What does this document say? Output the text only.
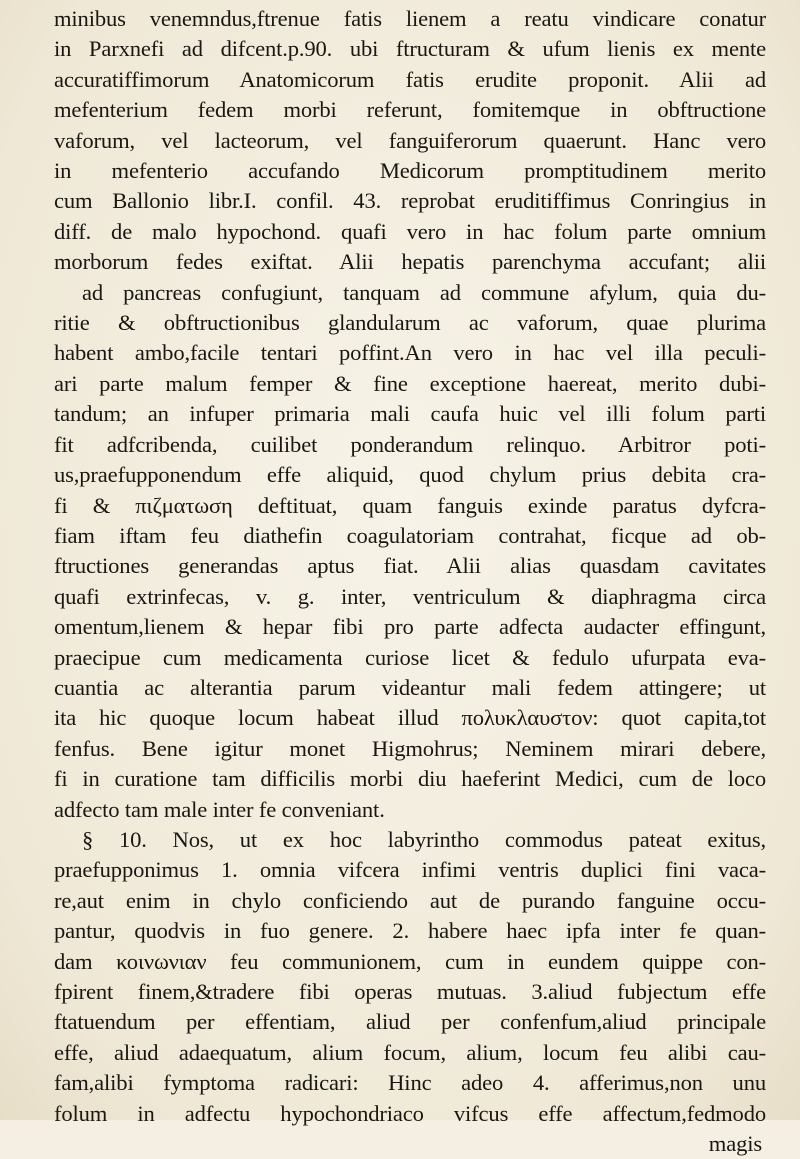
minibus venemndus,ftrenue fatis lienem a reatu vindicare conatur
in Parxnefi ad difcent.p.90. ubi ftructuram & ufum lienis ex mente
accuratiffimorum Anatomicorum fatis erudite proponit. Alii ad
mefenterium fedem morbi referunt, fomitemque in obftructione
vaforum, vel lacteorum, vel fanguiferorum quaerunt. Hanc vero
in mefenterio accufando Medicorum promptitudinem merito
cum Ballonio libr.I. confil. 43. reprobat eruditiffimus Conringius in
diff. de malo hypochond. quafi vero in hac folum parte omnium
morborum fedes exiftat. Alii hepatis parenchyma accufant; alii
ad pancreas confugiunt, tanquam ad commune afylum, quia du-
ritie & obftructionibus glandularum ac vaforum, quae plurima
habent ambo,facile tentari poffint.An vero in hac vel illa peculi-
ari parte malum femper & fine exceptione haereat, merito dubi-
tandum; an infuper primaria mali caufa huic vel illi folum parti
fit adfcribenda, cuilibet ponderandum relinquo. Arbitror poti-
us,praefupponendum effe aliquid, quod chylum prius debita cra-
fi & πιζματωση deftituat, quam fanguis exinde paratus dyfcra-
fiam iftam feu diathefin coagulatoriam contrahat, ficque ad ob-
ftructiones generandas aptus fiat. Alii alias quasdam cavitates
quafi extrinfecas, v. g. inter, ventriculum & diaphragma circa
omentum,lienem & hepar fibi pro parte adfecta audacter effingunt,
praecipue cum medicamenta curiose licet & fedulo ufurpata eva-
cuantia ac alterantia parum videantur mali fedem attingere; ut
ita hic quoque locum habeat illud πολυκλαυστον: quot capita,tot
fenfus. Bene igitur monet Higmohrus; Neminem mirari debere,
fi in curatione tam difficilis morbi diu haeferint Medici, cum de loco
adfecto tam male inter fe conveniant.
§ 10. Nos, ut ex hoc labyrintho commodus pateat exitus,
praefupponimus 1. omnia vifcera infimi ventris duplici fini vaca-
re,aut enim in chylo conficiendo aut de purando fanguine occu-
pantur, quodvis in fuo genere. 2. habere haec ipfa inter fe quan-
dam κοινωνιαν feu communionem, cum in eundem quippe con-
fpirent finem,&tradere fibi operas mutuas. 3.aliud fubjectum effe
ftatuendum per effentiam, aliud per confenfum,aliud principale
effe, aliud adaequatum, alium focum, alium, locum feu alibi cau-
fam,alibi fymptoma radicari: Hinc adeo 4. afferimus,non unu
folum in adfectu hypochondriaco vifcus effe affectum,fedmodo
magis
